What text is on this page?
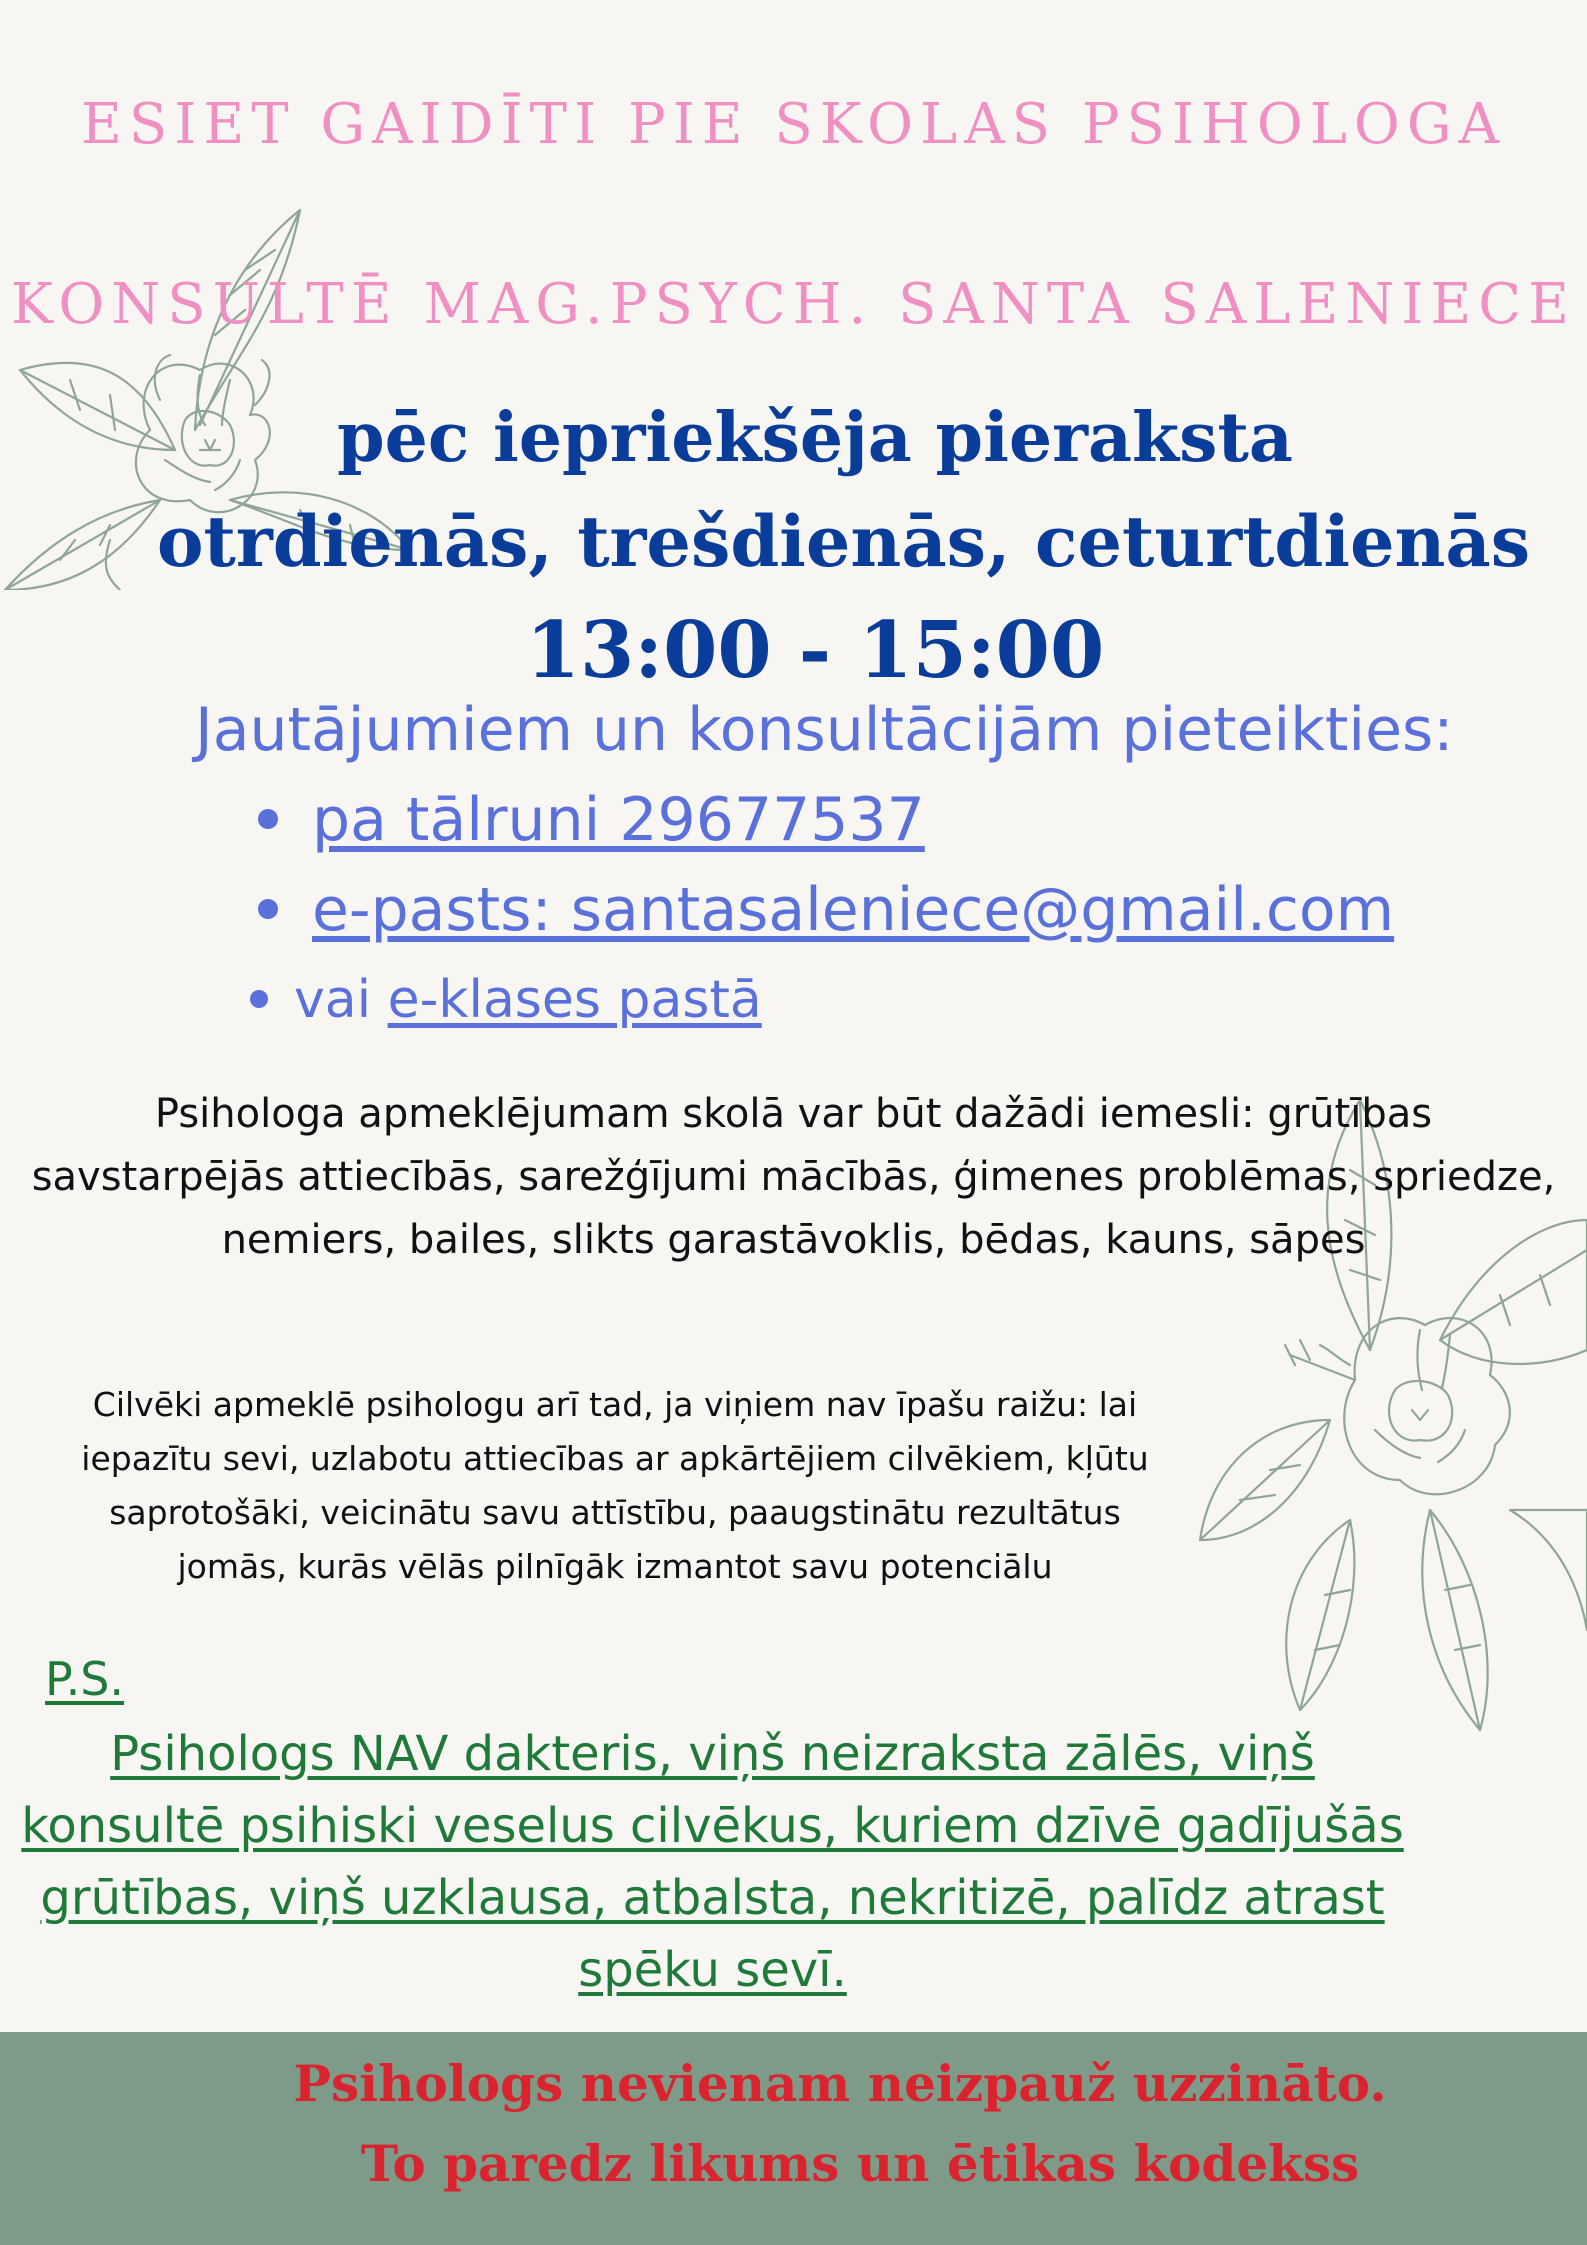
ESIET GAIDĪTI PIE SKOLAS PSIHOLOGA
KONSULTĒ MAG.PSYCH. SANTA SALENIECE
pēc iepriekšēja pieraksta
otrdienās, trešdienās, ceturtdienās
13:00 - 15:00
Jautājumiem un konsultācijām pieteikties:
pa tālruni 29677537
e-pasts: santasaleniece@gmail.com
vai e-klases pastā
Psihologa apmeklējumam skolā var būt dažādi iemesli: grūtības
savstarpējās attiecībās, sarežģījumi mācībās, ģimenes problēmas, spriedze,
nemiers, bailes, slikts garastāvoklis, bēdas, kauns, sāpes
Cilvēki apmeklē psihologu arī tad, ja viņiem nav īpašu raižu: lai
iepazītu sevi, uzlabotu attiecības ar apkārtējiem cilvēkiem, kļūtu
saprotošāki, veicinātu savu attīstību, paaugstinātu rezultātus
jomās, kurās vēlās pilnīgāk izmantot savu potenciālu
P.S.
Psihologs NAV dakteris, viņš neizraksta zālēs, viņš
konsultē psihiski veselus cilvēkus, kuriem dzīvē gadījušās
grūtības, viņš uzklausa, atbalsta, nekritizē, palīdz atrast
spēku sevī.
Psihologs nevienam neizpauž uzzināto.
To paredz likums un ētikas kodekss
